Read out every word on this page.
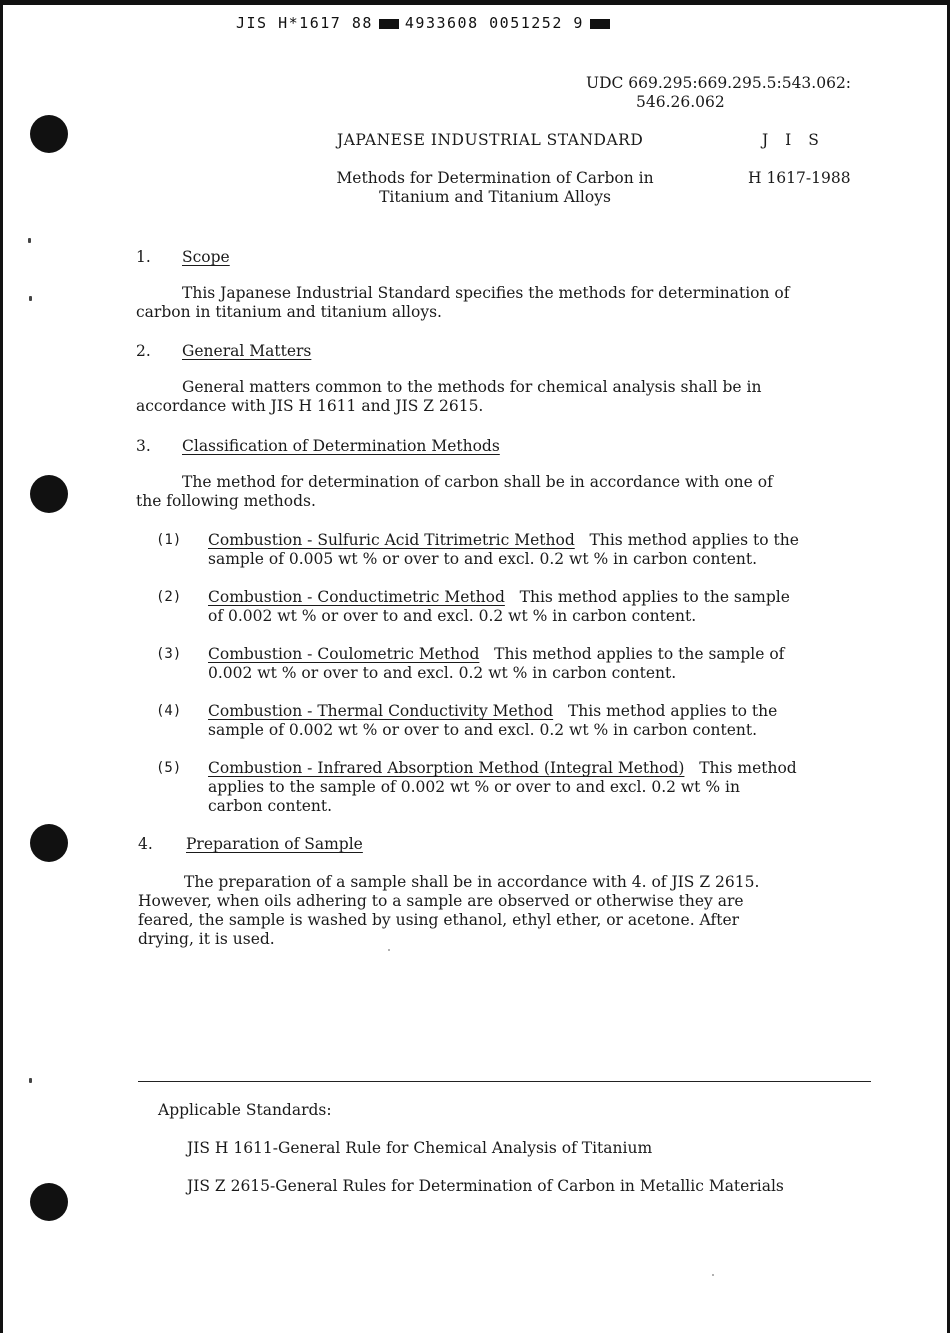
JIS H*1617 88 4933608 0051252 9
UDC 669.295:669.295.5:543.062:
546.26.062
JAPANESE INDUSTRIAL STANDARD	J I S
H 1617-1988
Methods for Determination of Carbon in
Titanium and Titanium Alloys
1. Scope
This Japanese Industrial Standard specifies the methods for determination of
carbon in titanium and titanium alloys.
2. General Matters
General matters common to the methods for chemical analysis shall be in
accordance with JIS H 1611 and JIS Z 2615.
3. Classification of Determination Methods
The method for determination of carbon shall be in accordance with one of
the following methods.
(1) Combustion - Sulfuric Acid Titrimetric Method This method applies to the
sample of 0.005 wt % or over to and excl. 0.2 wt % in carbon content.
(2) Combustion - Conductimetric Method This method applies to the sample
of 0.002 wt % or over to and excl. 0.2 wt % in carbon content.
(3) Combustion - Coulometric Method This method applies to the sample of
0.002 wt % or over to and excl. 0.2 wt % in carbon content.
(4) Combustion - Thermal Conductivity Method This method applies to the
sample of 0.002 wt % or over to and excl. 0.2 wt % in carbon content.
(5) Combustion - Infrared Absorption Method (Integral Method) This method
applies to the sample of 0.002 wt % or over to and excl. 0.2 wt % in
carbon content.
4. Preparation of Sample
The preparation of a sample shall be in accordance with 4. of JIS Z 2615.
However, when oils adhering to a sample are observed or otherwise they are
feared, the sample is washed by using ethanol, ethyl ether, or acetone. After
drying, it is used.
Applicable Standards:
JIS H 1611-General Rule for Chemical Analysis of Titanium
JIS Z 2615-General Rules for Determination of Carbon in Metallic Materials
